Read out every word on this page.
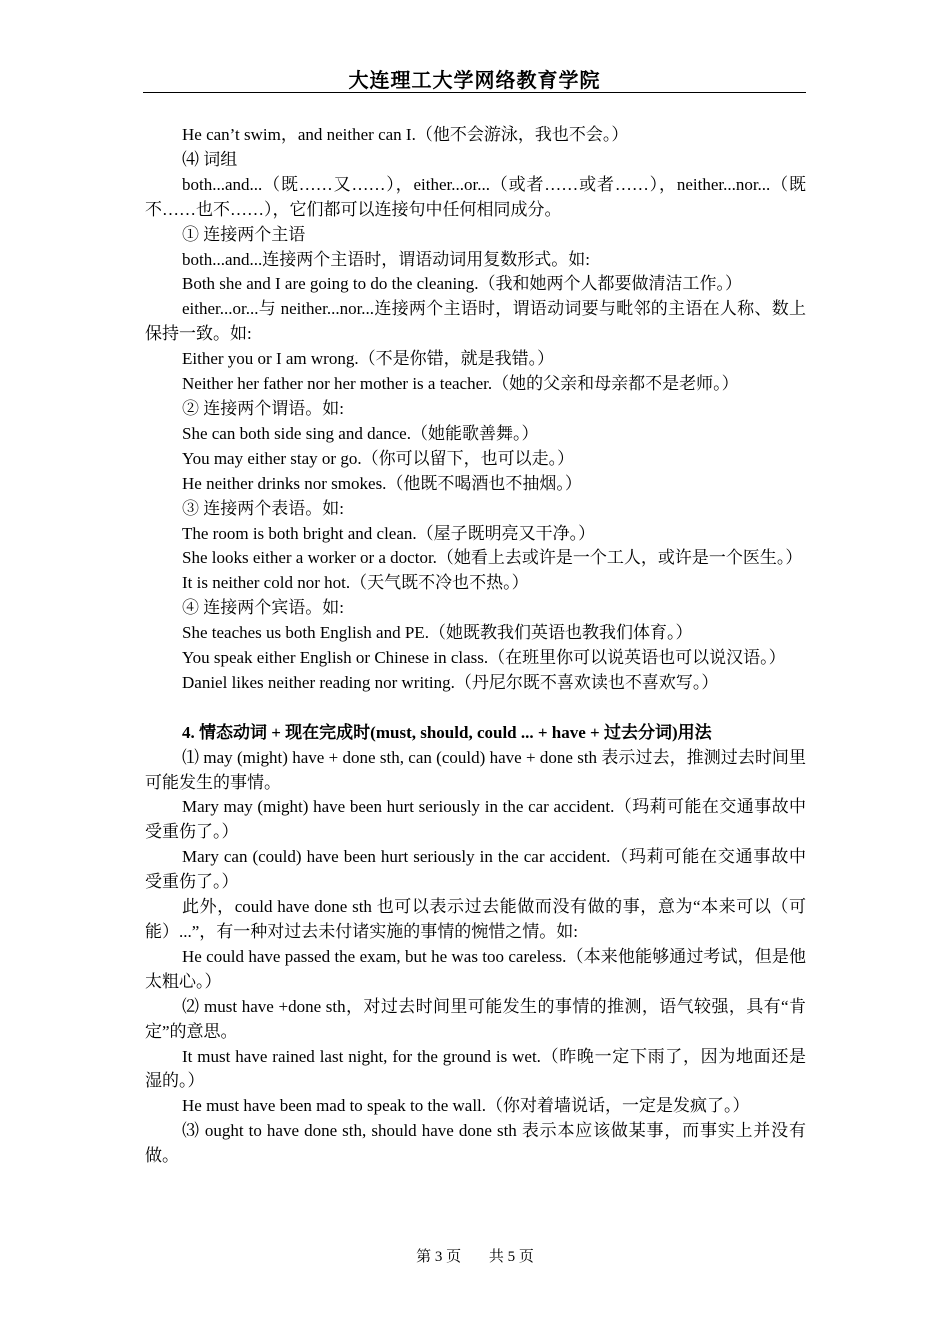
大连理工大学网络教育学院

He can’t swim，and neither can I.（他不会游泳，我也不会。）

⑷ 词组

both...and...（既……又……），either...or...（或者……或者……），neither...nor...（既不……也不……），它们都可以连接句中任何相同成分。

① 连接两个主语

both...and...连接两个主语时，谓语动词用复数形式。如:

Both she and I are going to do the cleaning.（我和她两个人都要做清洁工作。）

either...or...与 neither...nor...连接两个主语时，谓语动词要与毗邻的主语在人称、数上保持一致。如:

Either you or I am wrong.（不是你错，就是我错。）

Neither her father nor her mother is a teacher.（她的父亲和母亲都不是老师。）

② 连接两个谓语。如:

She can both side sing and dance.（她能歌善舞。）

You may either stay or go.（你可以留下，也可以走。）

He neither drinks nor smokes.（他既不喝酒也不抽烟。）

③ 连接两个表语。如:

The room is both bright and clean.（屋子既明亮又干净。）

She looks either a worker or a doctor.（她看上去或许是一个工人，或许是一个医生。）

It is neither cold nor hot.（天气既不冷也不热。）

④ 连接两个宾语。如:

She teaches us both English and PE.（她既教我们英语也教我们体育。）

You speak either English or Chinese in class.（在班里你可以说英语也可以说汉语。）

Daniel likes neither reading nor writing.（丹尼尔既不喜欢读也不喜欢写。）

4. 情态动词 + 现在完成时(must, should, could ... + have + 过去分词)用法

⑴ may (might) have + done sth, can (could) have + done sth 表示过去，推测过去时间里可能发生的事情。

Mary may (might) have been hurt seriously in the car accident.（玛莉可能在交通事故中受重伤了。）

Mary can (could) have been hurt seriously in the car accident.（玛莉可能在交通事故中受重伤了。）

此外，could have done sth 也可以表示过去能做而没有做的事，意为“本来可以（可能）...”，有一种对过去未付诸实施的事情的惋惜之情。如:

He could have passed the exam, but he was too careless.（本来他能够通过考试，但是他太粗心。）

⑵ must have +done sth，对过去时间里可能发生的事情的推测，语气较强，具有“肯定”的意思。

It must have rained last night, for the ground is wet.（昨晚一定下雨了，因为地面还是湿的。）

He must have been mad to speak to the wall.（你对着墙说话，一定是发疯了。）

⑶ ought to have done sth, should have done sth 表示本应该做某事，而事实上并没有做。

第 3 页 共 5 页
